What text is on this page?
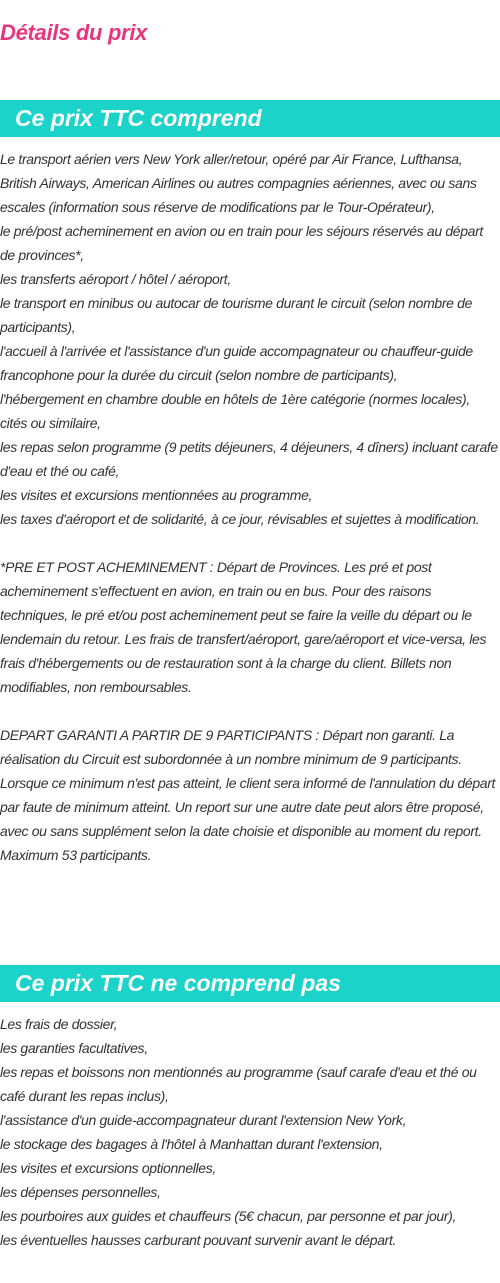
Détails du prix
Ce prix TTC comprend

Le transport aérien vers New York aller/retour, opéré par Air France, Lufthansa, British Airways, American Airlines ou autres compagnies aériennes, avec ou sans escales (information sous réserve de modifications par le Tour-Opérateur),

le pré/post acheminement en avion ou en train pour les séjours réservés au départ de provinces*,

les transferts aéroport / hôtel / aéroport,

le transport en minibus ou autocar de tourisme durant le circuit (selon nombre de participants),

l'accueil à l'arrivée et l'assistance d'un guide accompagnateur ou chauffeur-guide francophone pour la durée du circuit (selon nombre de participants),

l'hébergement en chambre double en hôtels de 1ère catégorie (normes locales), cités ou similaire,

les repas selon programme (9 petits déjeuners, 4 déjeuners, 4 dîners) incluant carafe d'eau et thé ou café,

les visites et excursions mentionnées au programme,

les taxes d'aéroport et de solidarité, à ce jour, révisables et sujettes à modification.

*PRE ET POST ACHEMINEMENT : Départ de Provinces. Les pré et post acheminement s'effectuent en avion, en train ou en bus. Pour des raisons techniques, le pré et/ou post acheminement peut se faire la veille du départ ou le lendemain du retour. Les frais de transfert/aéroport, gare/aéroport et vice-versa, les frais d'hébergements ou de restauration sont à la charge du client. Billets non modifiables, non remboursables.

DEPART GARANTI A PARTIR DE 9 PARTICIPANTS : Départ non garanti. La réalisation du Circuit est subordonnée à un nombre minimum de 9 participants. Lorsque ce minimum n'est pas atteint, le client sera informé de l'annulation du départ par faute de minimum atteint. Un report sur une autre date peut alors être proposé, avec ou sans supplément selon la date choisie et disponible au moment du report. Maximum 53 participants.

Ce prix TTC ne comprend pas

Les frais de dossier,

les garanties facultatives,

les repas et boissons non mentionnés au programme (sauf carafe d'eau et thé ou café durant les repas inclus),

l'assistance d'un guide-accompagnateur durant l'extension New York,

le stockage des bagages à l'hôtel à Manhattan durant l'extension,

les visites et excursions optionnelles,

les dépenses personnelles,

les pourboires aux guides et chauffeurs (5€ chacun, par personne et par jour),

les éventuelles hausses carburant pouvant survenir avant le départ.
